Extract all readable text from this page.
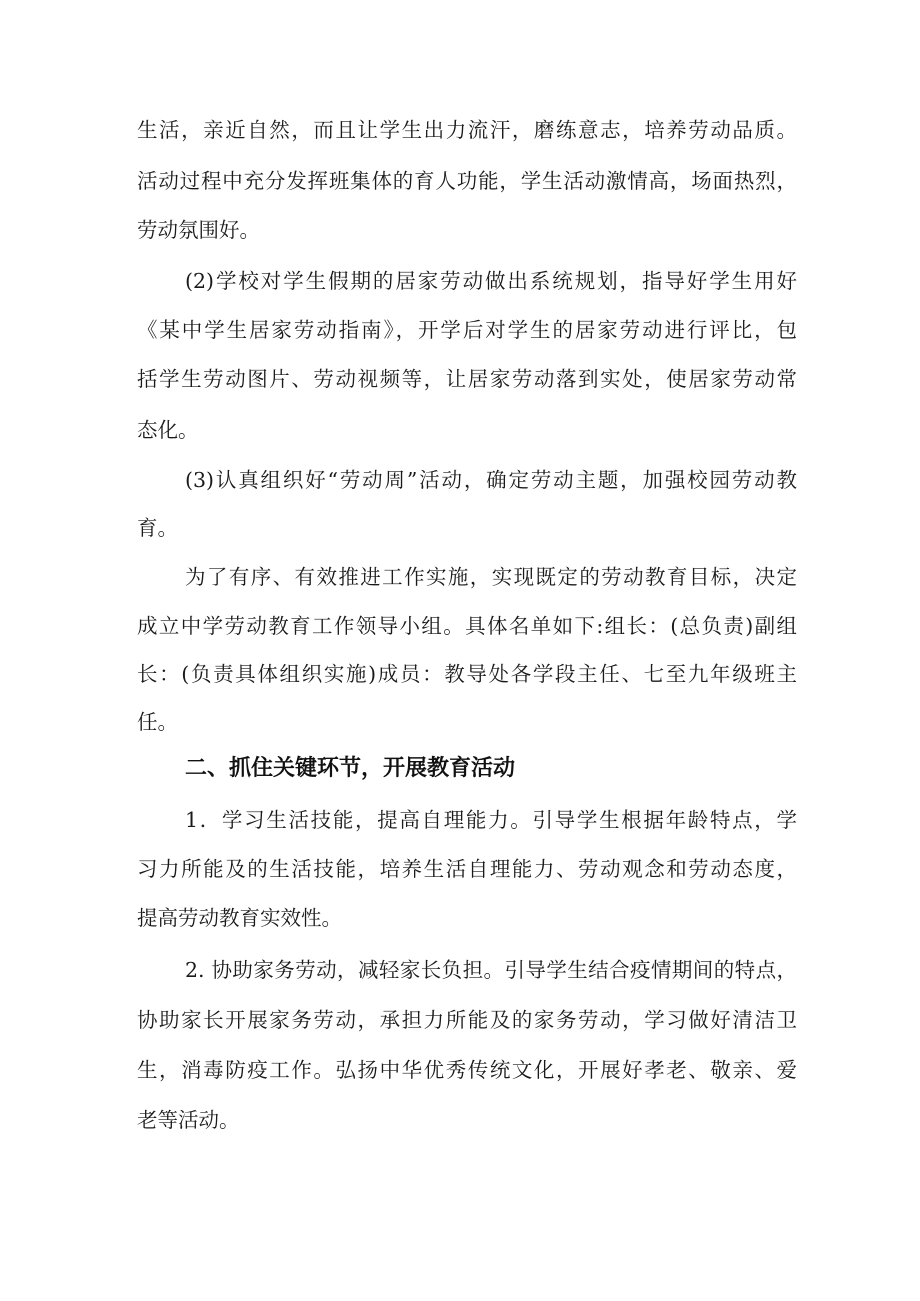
生活，亲近自然，而且让学生出力流汗，磨练意志，培养劳动品质。
活动过程中充分发挥班集体的育人功能，学生活动激情高，场面热烈，
劳动氛围好。
(2)学校对学生假期的居家劳动做出系统规划，指导好学生用好
《某中学生居家劳动指南》，开学后对学生的居家劳动进行评比，包
括学生劳动图片、劳动视频等，让居家劳动落到实处，使居家劳动常
态化。
(3)认真组织好“劳动周”活动，确定劳动主题，加强校园劳动教
育。
为了有序、有效推进工作实施，实现既定的劳动教育目标，决定
成立中学劳动教育工作领导小组。具体名单如下:组长：(总负责)副组
长：(负责具体组织实施)成员：教导处各学段主任、七至九年级班主
任。
二、抓住关键环节，开展教育活动
1．学习生活技能，提高自理能力。引导学生根据年龄特点，学
习力所能及的生活技能，培养生活自理能力、劳动观念和劳动态度，
提高劳动教育实效性。
2. 协助家务劳动，减轻家长负担。引导学生结合疫情期间的特点，
协助家长开展家务劳动，承担力所能及的家务劳动，学习做好清洁卫
生，消毒防疫工作。弘扬中华优秀传统文化，开展好孝老、敬亲、爱
老等活动。
